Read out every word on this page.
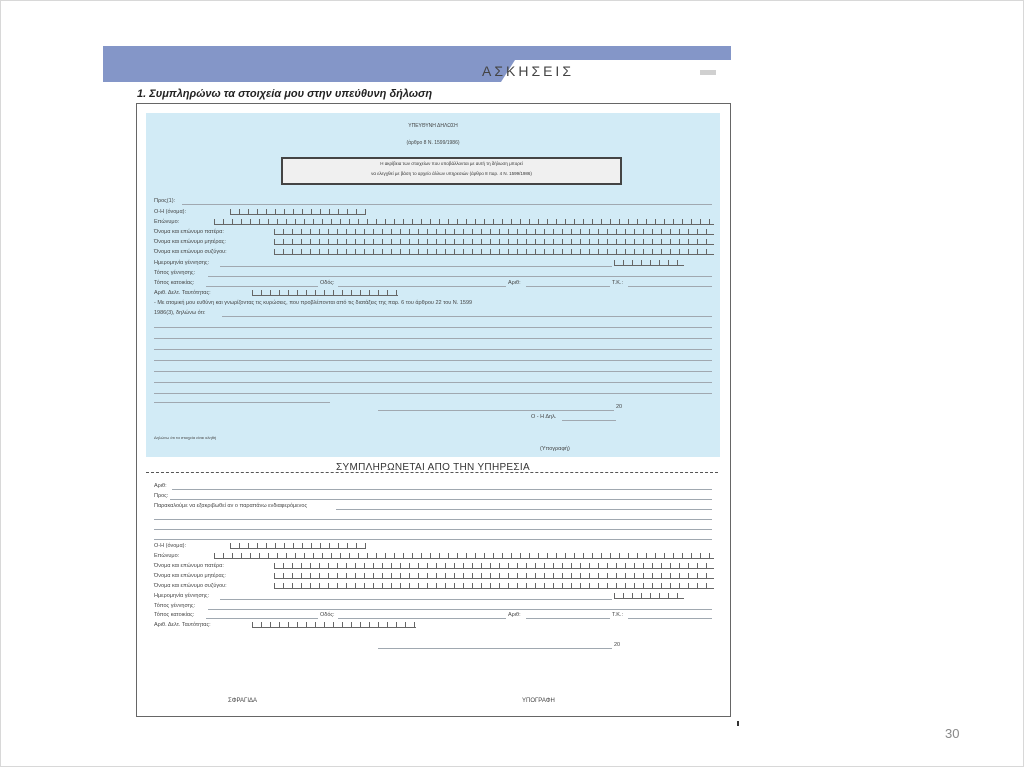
ΑΣΚΗΣΕΙΣ
1. Συμπληρώνω τα στοιχεία μου στην υπεύθυνη δήλωση
ΥΠΕΥΘΥΝΗ ΔΗΛΩΣΗ
(άρθρο 8 Ν. 1599/1986)
Η ακρίβεια των στοιχείων που υποβάλλονται με αυτή τη δήλωση μπορεί
να ελεγχθεί με βάση το αρχείο άλλων υπηρεσιών (άρθρο 8 παρ. 4 Ν. 1599/1986)
Προς(1):
Ο-Η (όνομα):
Επώνυμο:
Όνομα και επώνυμο πατέρα:
Όνομα και επώνυμο μητέρας:
Όνομα και επώνυμο συζύγου:
Ημερομηνία γέννησης:
Τόπος γέννησης:
Τόπος κατοικίας:	Οδός:	Αριθ:	Τ.Κ.:
Αριθ. Δελτ. Ταυτότητας:
- Με ατομική μου ευθύνη και γνωρίζοντας τις κυρώσεις, που προβλέπονται από τις διατάξεις της παρ. 6 του άρθρου 22 του Ν. 1599
1986(3), δηλώνω ότι:
20
Ο - Η Δηλ.
Δηλώνω ότι τα στοιχεία είναι αληθή
(Υπογραφή)
ΣΥΜΠΛΗΡΩΝΕΤΑΙ ΑΠΟ ΤΗΝ ΥΠΗΡΕΣΙΑ
Αριθ:
Προς:
Παρακαλούμε να εξακριβωθεί αν ο παραπάνω ενδιαφερόμενος
Ο-Η (όνομα):
Επώνυμο:
Όνομα και επώνυμο πατέρα:
Όνομα και επώνυμο μητέρας:
Όνομα και επώνυμο συζύγου:
Ημερομηνία γέννησης:
Τόπος γέννησης:
Τόπος κατοικίας:	Οδός:	Αριθ:	Τ.Κ.:
Αριθ. Δελτ. Ταυτότητας:
20
ΣΦΡΑΓΙΔΑ	ΥΠΟΓΡΑΦΗ
30
